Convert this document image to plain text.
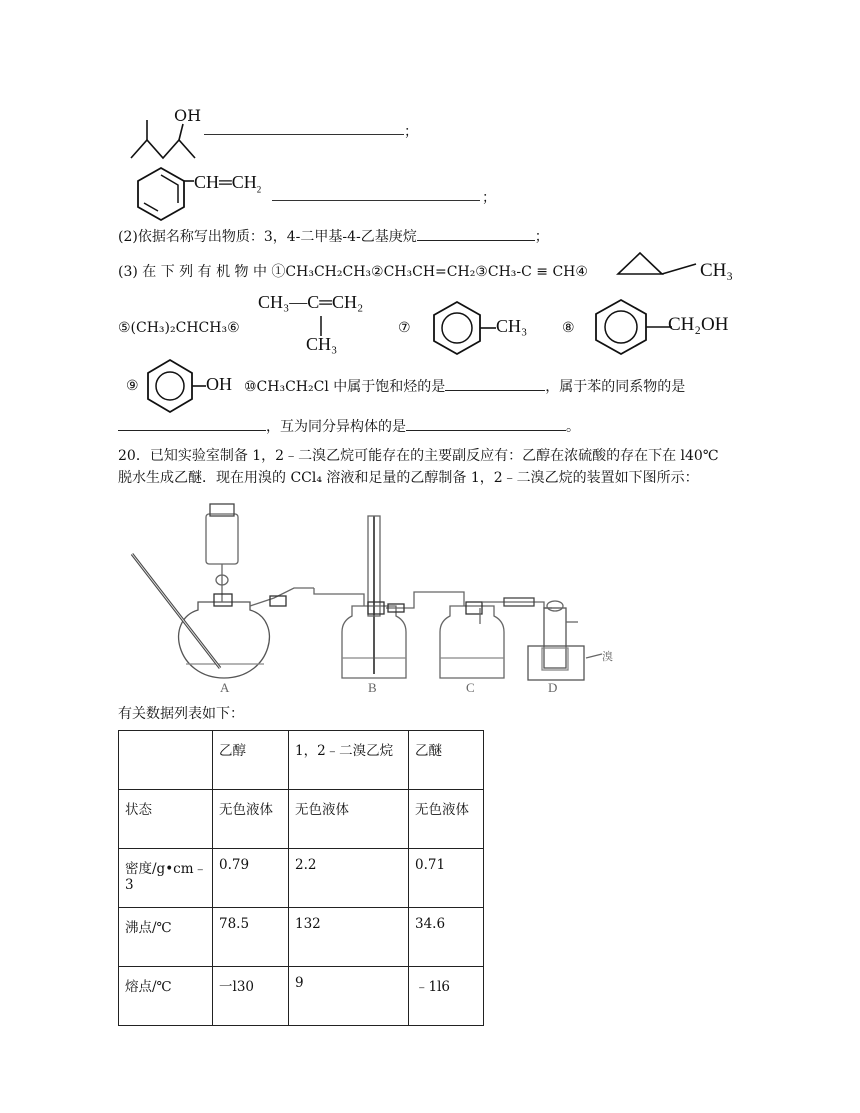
OH
；
$CH═CH_2$
；
(2)依据名称写出物质：3，4-二甲基-4-乙基庚烷	；
(3) 在 下 列 有 机 物 中 ①CH₃CH₂CH₃②CH₃CH=CH₂③CH₃-C ≡ CH④	CH₃
⑤(CH₃)₂CHCH₃⑥
CH₃—C═CH₂
CH₃
⑦	CH₃ ⑧	CH₂OH
⑨	OH ⑩CH₃CH₂Cl 中属于饱和烃的是	，属于苯的同系物的是
，互为同分异构体的是	。
20．已知实验室制备 1，2﹣二溴乙烷可能存在的主要副反应有：乙醇在浓硫酸的存在下在 l40℃
脱水生成乙醚．现在用溴的 CCl₄ 溶液和足量的乙醇制备 1，2﹣二溴乙烷的装置如下图所示：
A	B	C	D
溴
有关数据列表如下：
	乙醇	1，2﹣二溴乙烷	乙醚
状态	无色液体	无色液体	无色液体
密度/g•cm﹣3	0.79	2.2	0.71
沸点/℃	78.5	132	34.6
熔点/℃	一l30	9	﹣1l6
